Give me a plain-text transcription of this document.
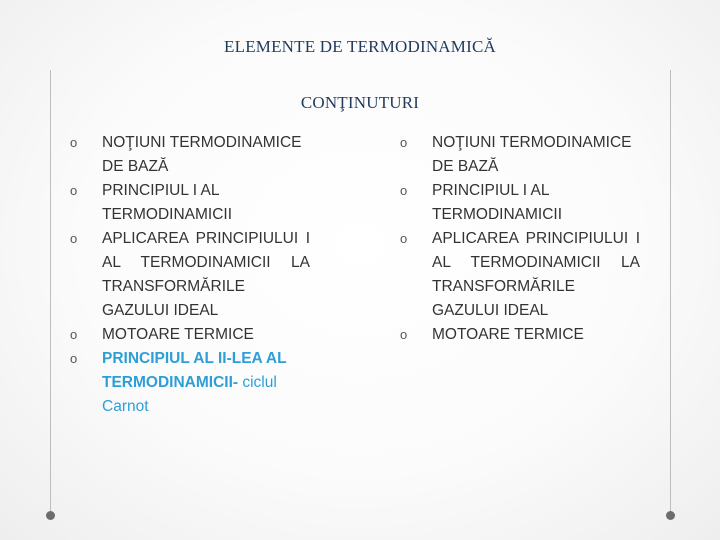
ELEMENTE DE TERMODINAMICĂ
CONŢINUTURI
o NOŢIUNI TERMODINAMICE DE BAZĂ
o PRINCIPIUL I AL TERMODINAMICII
o APLICAREA PRINCIPIULUI I AL TERMODINAMICII LA TRANSFORMĂRILE GAZULUI IDEAL
o MOTOARE TERMICE
o PRINCIPIUL AL II-LEA AL TERMODINAMICII- ciclul Carnot
o NOŢIUNI TERMODINAMICE DE BAZĂ
o PRINCIPIUL I AL TERMODINAMICII
o APLICAREA PRINCIPIULUI I AL TERMODINAMICII LA TRANSFORMĂRILE GAZULUI IDEAL
o MOTOARE TERMICE
